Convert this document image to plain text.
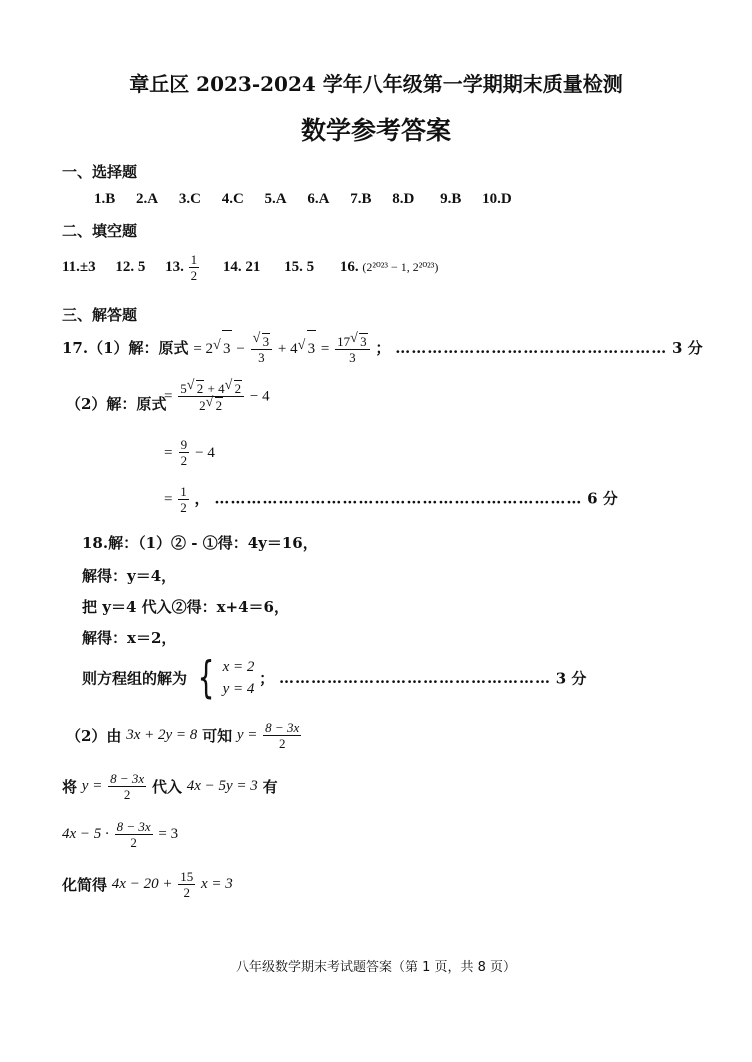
章丘区 2023-2024 学年八年级第一学期期末质量检测
数学参考答案
一、选择题
1.B 2.A 3.C 4.C 5.A 6.A 7.B 8.D 9.B 10.D
二、填空题
11.±3 12. 5 13. $\frac{1}{2} 14$. 21 15. 5 16. (2²⁰²³ − 1, 2²⁰²³)
三、解答题
17.（1）解：原式 = 2√ 3 −
√ $\frac{3}{3} + 4√$ $3 = \frac{17√ 3}{3}$ ； …………………………………………… 3 分
（2）解：原式
= $\frac{5√ 2 + 4√ 2}{2√ 2} - 4$
= $\frac{9}{2} - 4$
= $\frac{1}{2}$ ， …………………………………………………………… 6 分
18.解：（1）② - ①得：4y＝16，
解得：y＝4，
把 y＝4 代入②得：x+4＝6，
解得：x＝2，
则方程组的解为 { x = 2
y = 4
； …………………………………………… 3 分
（2）由 3x + 2y = 8 可知 $y = \frac{8 - 3x}{2}$
将 $y = \frac{8 - 3x}{2}$ 代入 4x − 5y = 3 有
$4x - 5 \cdot \frac{8 - 3x}{2} = 3$
化简得 $4x - 20 + \frac{15}{2}$ x = 3
八年级数学期末考试题答案（第 1 页，共 8 页）
